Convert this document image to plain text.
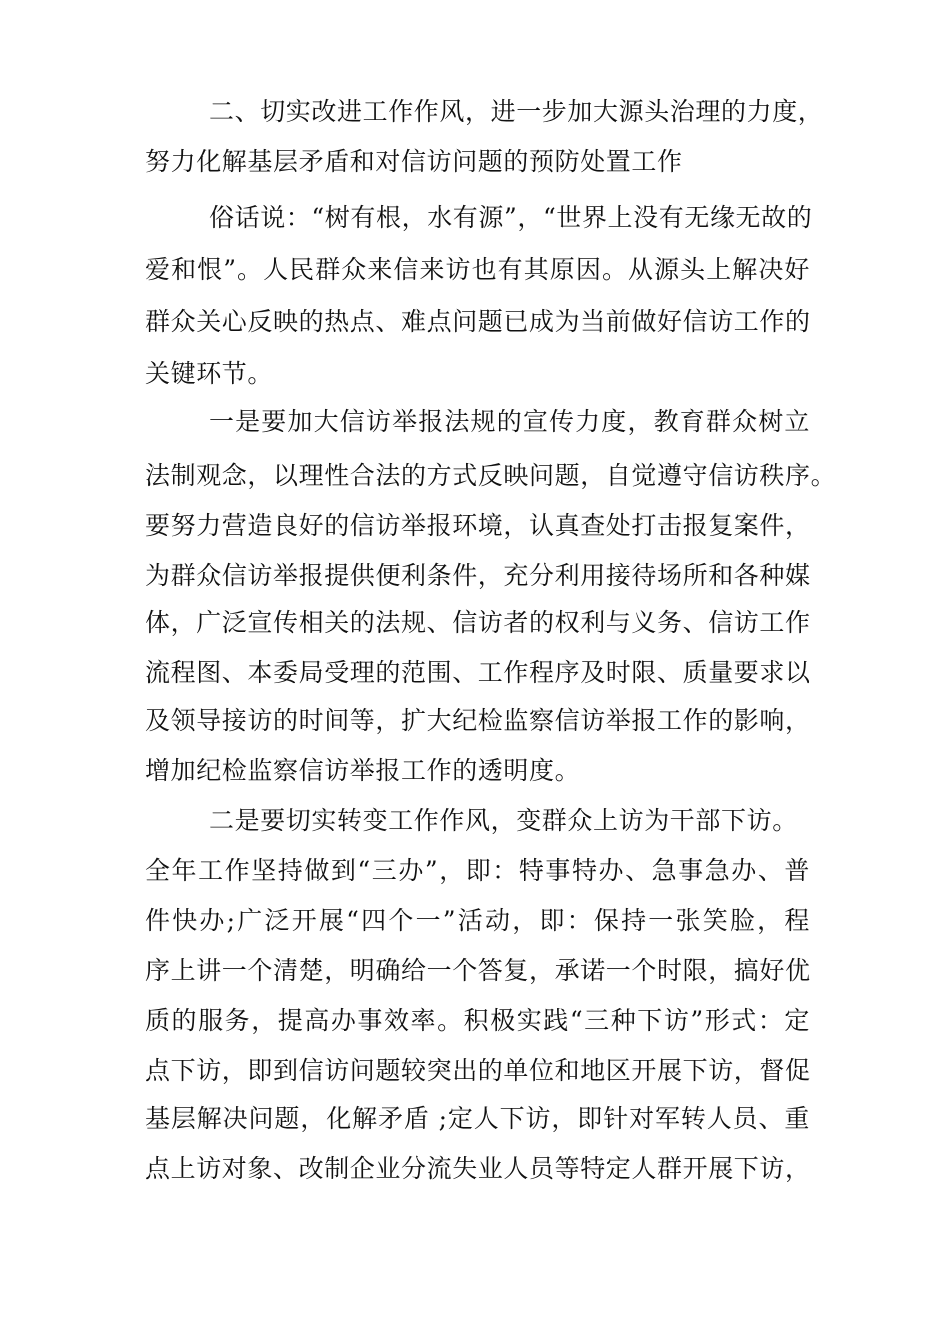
二、切实改进工作作风，进一步加大源头治理的力度，
努力化解基层矛盾和对信访问题的预防处置工作
俗话说：“树有根，水有源”，“世界上没有无缘无故的
爱和恨”。人民群众来信来访也有其原因。从源头上解决好
群众关心反映的热点、难点问题已成为当前做好信访工作的
关键环节。
一是要加大信访举报法规的宣传力度，教育群众树立
法制观念，以理性合法的方式反映问题，自觉遵守信访秩序。
要努力营造良好的信访举报环境，认真查处打击报复案件，
为群众信访举报提供便利条件，充分利用接待场所和各种媒
体，广泛宣传相关的法规、信访者的权利与义务、信访工作
流程图、本委局受理的范围、工作程序及时限、质量要求以
及领导接访的时间等，扩大纪检监察信访举报工作的影响，
增加纪检监察信访举报工作的透明度。
二是要切实转变工作作风，变群众上访为干部下访。
全年工作坚持做到“三办”，即：特事特办、急事急办、普
件快办;广泛开展“四个一”活动，即：保持一张笑脸，程
序上讲一个清楚，明确给一个答复，承诺一个时限，搞好优
质的服务，提高办事效率。积极实践“三种下访”形式：定
点下访，即到信访问题较突出的单位和地区开展下访，督促
基层解决问题，化解矛盾 ;定人下访，即针对军转人员、重
点上访对象、改制企业分流失业人员等特定人群开展下访，
